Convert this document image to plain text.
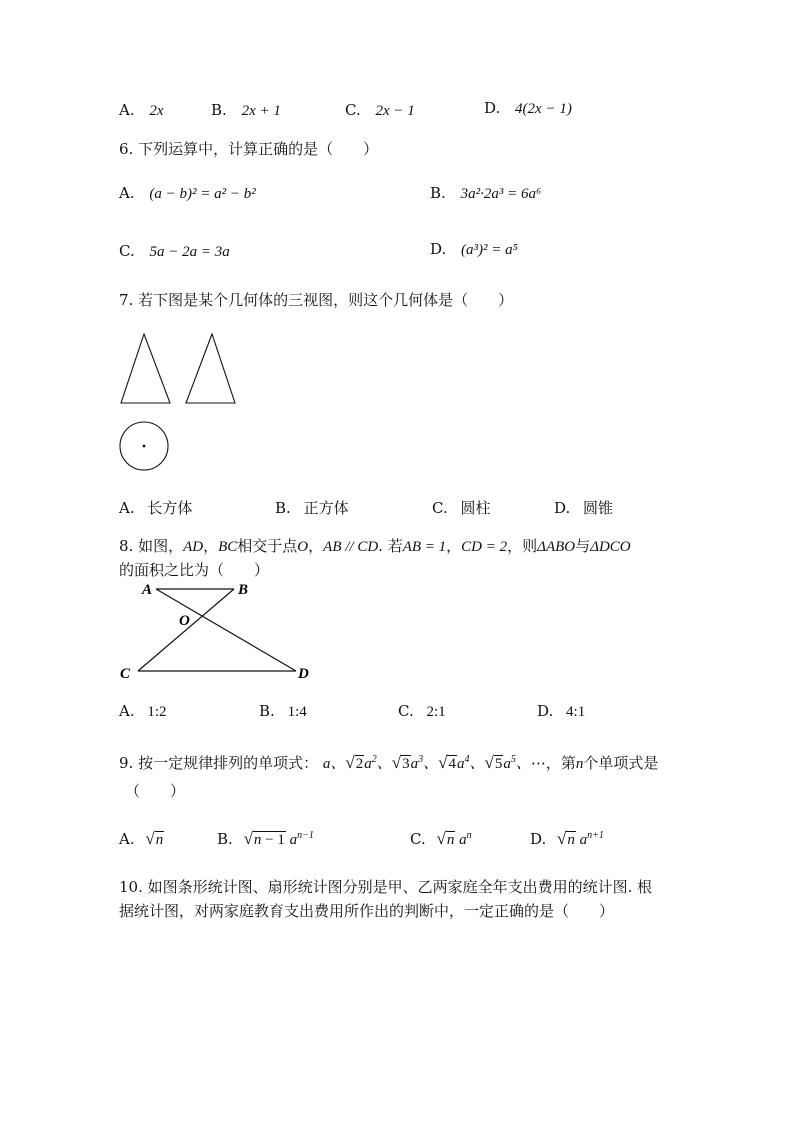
A. 2x	B. 2x + 1	C. 2x − 1	D. 4(2x − 1)
6. 下列运算中，计算正确的是（　　）
A. (a − b)² = a² − b²	B. 3a²·2a³ = 6a⁶
C. 5a − 2a = 3a	D. (a³)² = a⁵
7. 若下图是某个几何体的三视图，则这个几何体是（　　）
A. 长方体	B. 正方体	C. 圆柱	D. 圆锥
8. 如图，AD，BC相交于点O，AB // CD. 若AB = 1，CD = 2，则ΔABO与ΔDCO
的面积之比为（　　）
A	B
O
C	D
A. 1:2	B. 1:4	C. 2:1	D. 4:1
9. 按一定规律排列的单项式： a、$√2a^2$、$√3a^3$、$√4a^4$、$√5a^5$、⋯，第n个单项式是
（　　）
A. √n	B. √n − 1 $a^{n-1}$	C. √n $a^n$	D. √n $a^{n+1}$
10. 如图条形统计图、扇形统计图分别是甲、乙两家庭全年支出费用的统计图. 根
据统计图，对两家庭教育支出费用所作出的判断中，一定正确的是（　　）
